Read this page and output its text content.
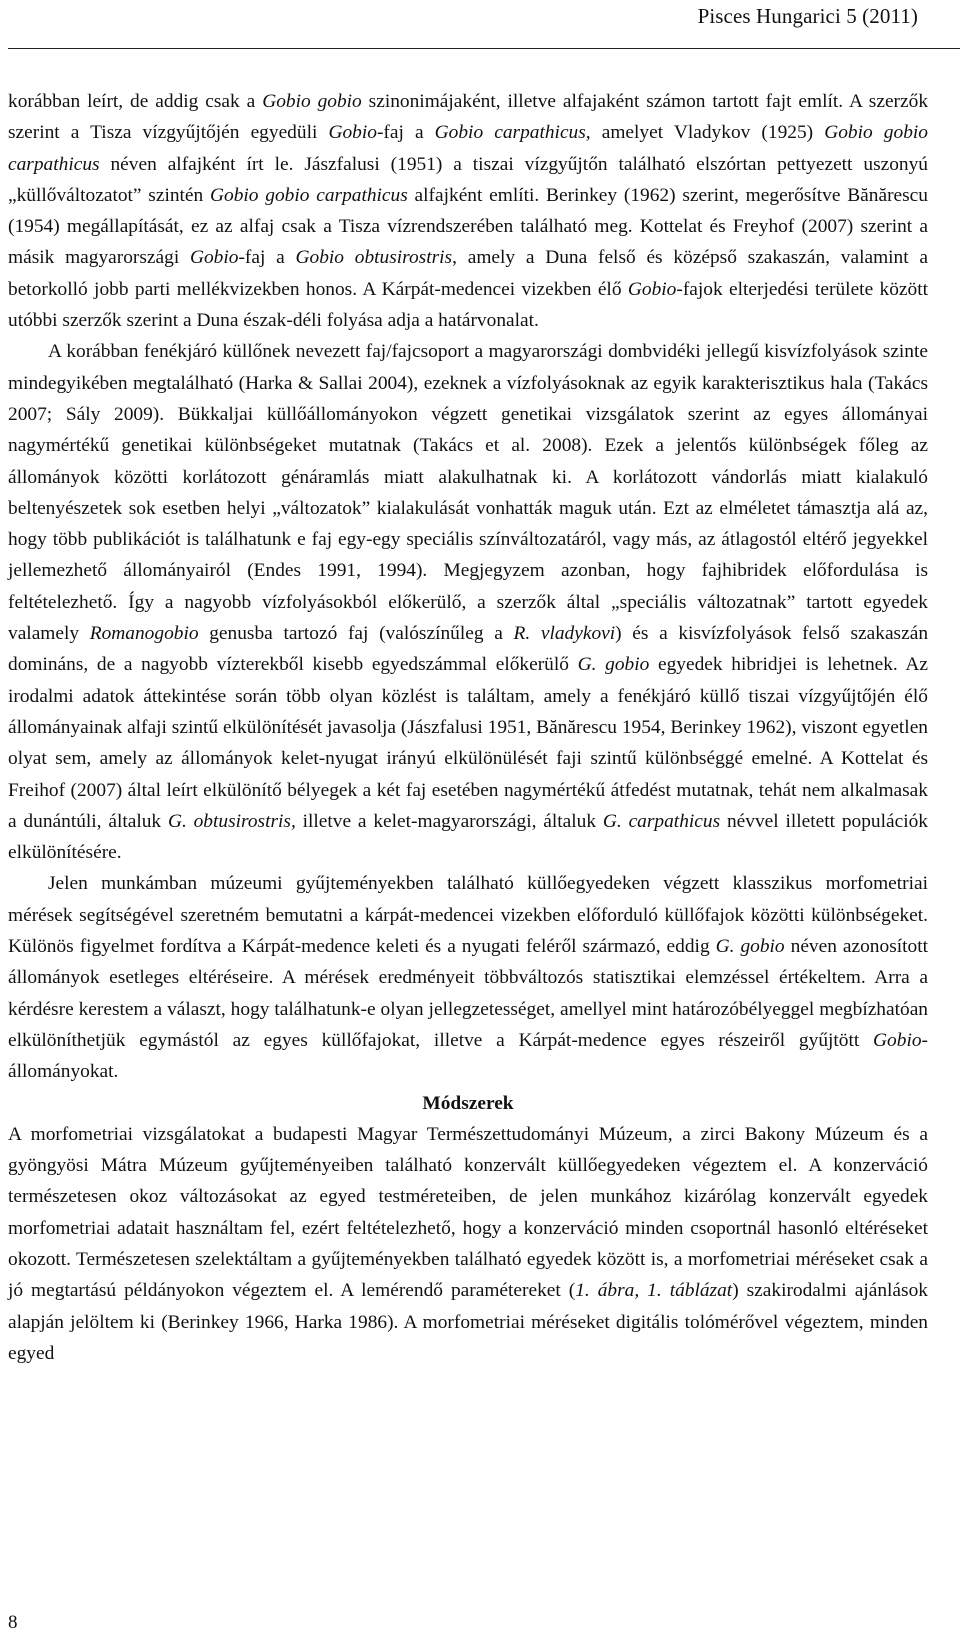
Pisces Hungarici 5 (2011)

korábban leírt, de addig csak a Gobio gobio szinonimájaként, illetve alfajaként számon tartott fajt említ. A szerzők szerint a Tisza vízgyűjtőjén egyedüli Gobio-faj a Gobio carpathicus, amelyet Vladykov (1925) Gobio gobio carpathicus néven alfajként írt le. Jászfalusi (1951) a tiszai vízgyűjtőn található elszórtan pettyezett uszonyú „küllőváltozatot” szintén Gobio gobio carpathicus alfajként említi. Berinkey (1962) szerint, megerősítve Bănărescu (1954) megállapítását, ez az alfaj csak a Tisza vízrendszerében található meg. Kottelat és Freyhof (2007) szerint a másik magyarországi Gobio-faj a Gobio obtusirostris, amely a Duna felső és középső szakaszán, valamint a betorkolló jobb parti mellékvizekben honos. A Kárpát-medencei vizekben élő Gobio-fajok elterjedési területe között utóbbi szerzők szerint a Duna észak-déli folyása adja a határvonalat.

A korábban fenékjáró küllőnek nevezett faj/fajcsoport a magyarországi dombvidéki jellegű kisvízfolyások szinte mindegyikében megtalálható (Harka & Sallai 2004), ezeknek a vízfolyásoknak az egyik karakterisztikus hala (Takács 2007; Sály 2009). Bükkaljai küllőállományokon végzett genetikai vizsgálatok szerint az egyes állományai nagymértékű genetikai különbségeket mutatnak (Takács et al. 2008). Ezek a jelentős különbségek főleg az állományok közötti korlátozott génáramlás miatt alakulhatnak ki. A korlátozott vándorlás miatt kialakuló beltenyészetek sok esetben helyi „változatok” kialakulását vonhatták maguk után. Ezt az elméletet támasztja alá az, hogy több publikációt is találhatunk e faj egy-egy speciális színváltozatáról, vagy más, az átlagostól eltérő jegyekkel jellemezhető állományairól (Endes 1991, 1994). Megjegyzem azonban, hogy fajhibridek előfordulása is feltételezhető. Így a nagyobb vízfolyásokból előkerülő, a szerzők által „speciális változatnak” tartott egyedek valamely Romanogobio genusba tartozó faj (valószínűleg a R. vladykovi) és a kisvízfolyások felső szakaszán domináns, de a nagyobb vízterekből kisebb egyedszámmal előkerülő G. gobio egyedek hibridjei is lehetnek. Az irodalmi adatok áttekintése során több olyan közlést is találtam, amely a fenékjáró küllő tiszai vízgyűjtőjén élő állományainak alfaji szintű elkülönítését javasolja (Jászfalusi 1951, Bănărescu 1954, Berinkey 1962), viszont egyetlen olyat sem, amely az állományok kelet-nyugat irányú elkülönülését faji szintű különbséggé emelné. A Kottelat és Freihof (2007) által leírt elkülönítő bélyegek a két faj esetében nagymértékű átfedést mutatnak, tehát nem alkalmasak a dunántúli, általuk G. obtusirostris, illetve a kelet-magyarországi, általuk G. carpathicus névvel illetett populációk elkülönítésére.

Jelen munkámban múzeumi gyűjteményekben található küllőegyedeken végzett klasszikus morfometriai mérések segítségével szeretném bemutatni a kárpát-medencei vizekben előforduló küllőfajok közötti különbségeket. Különös figyelmet fordítva a Kárpát-medence keleti és a nyugati feléről származó, eddig G. gobio néven azonosított állományok esetleges eltéréseire. A mérések eredményeit többváltozós statisztikai elemzéssel értékeltem. Arra a kérdésre kerestem a választ, hogy találhatunk-e olyan jellegzetességet, amellyel mint határozóbélyeggel megbízhatóan elkülöníthetjük egymástól az egyes küllőfajokat, illetve a Kárpát-medence egyes részeiről gyűjtött Gobio-állományokat.

Módszerek

A morfometriai vizsgálatokat a budapesti Magyar Természettudományi Múzeum, a zirci Bakony Múzeum és a gyöngyösi Mátra Múzeum gyűjteményeiben található konzervált küllőegyedeken végeztem el. A konzerváció természetesen okoz változásokat az egyed testméreteiben, de jelen munkához kizárólag konzervált egyedek morfometriai adatait használtam fel, ezért feltételezhető, hogy a konzerváció minden csoportnál hasonló eltéréseket okozott. Természetesen szelektáltam a gyűjteményekben található egyedek között is, a morfometriai méréseket csak a jó megtartású példányokon végeztem el. A lemérendő paramétereket (1. ábra, 1. táblázat) szakirodalmi ajánlások alapján jelöltem ki (Berinkey 1966, Harka 1986). A morfometriai méréseket digitális tolómérővel végeztem, minden egyed

8
